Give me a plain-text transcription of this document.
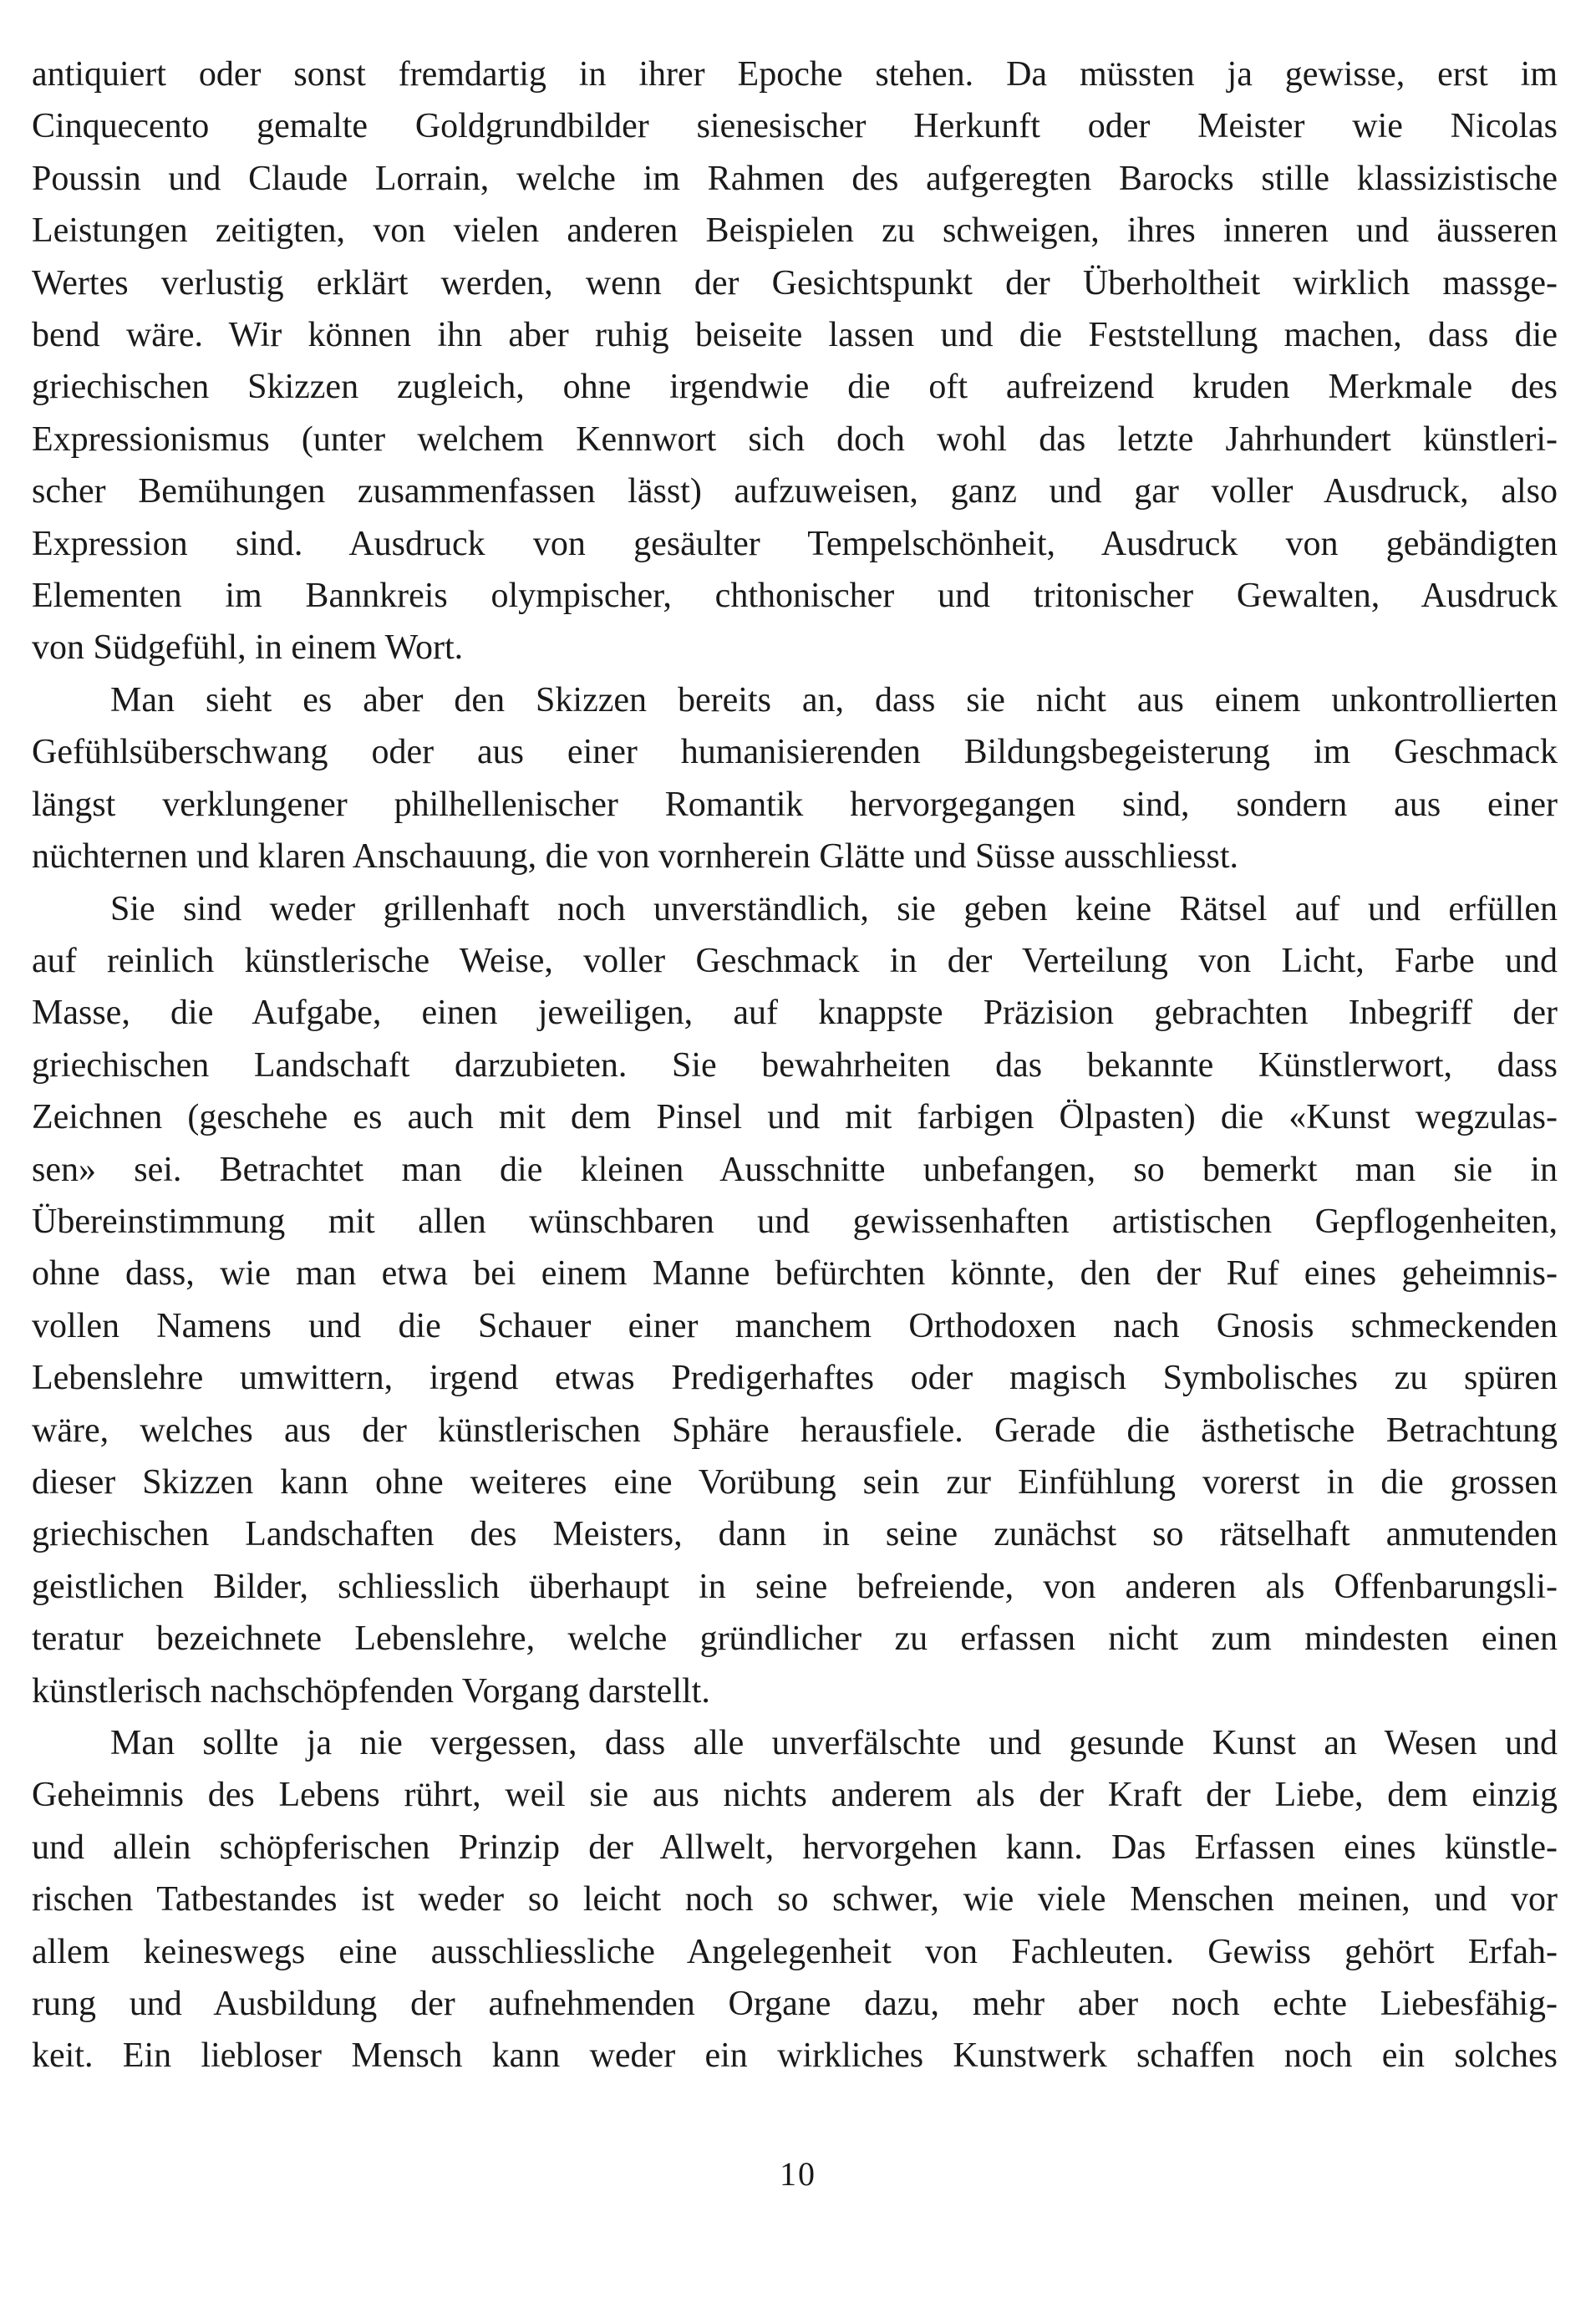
antiquiert oder sonst fremdartig in ihrer Epoche stehen. Da müssten ja gewisse, erst im
Cinquecento gemalte Goldgrundbilder sienesischer Herkunft oder Meister wie Nicolas
Poussin und Claude Lorrain, welche im Rahmen des aufgeregten Barocks stille klassizistische
Leistungen zeitigten, von vielen anderen Beispielen zu schweigen, ihres inneren und äusseren
Wertes verlustig erklärt werden, wenn der Gesichtspunkt der Überholtheit wirklich massge-
bend wäre. Wir können ihn aber ruhig beiseite lassen und die Feststellung machen, dass die
griechischen Skizzen zugleich, ohne irgendwie die oft aufreizend kruden Merkmale des
Expressionismus (unter welchem Kennwort sich doch wohl das letzte Jahrhundert künstleri-
scher Bemühungen zusammenfassen lässt) aufzuweisen, ganz und gar voller Ausdruck, also
Expression sind. Ausdruck von gesäulter Tempelschönheit, Ausdruck von gebändigten
Elementen im Bannkreis olympischer, chthonischer und tritonischer Gewalten, Ausdruck
von Südgefühl, in einem Wort.

Man sieht es aber den Skizzen bereits an, dass sie nicht aus einem unkontrollierten
Gefühlsüberschwang oder aus einer humanisierenden Bildungsbegeisterung im Geschmack
längst verklungener philhellenischer Romantik hervorgegangen sind, sondern aus einer
nüchternen und klaren Anschauung, die von vornherein Glätte und Süsse ausschliesst.

Sie sind weder grillenhaft noch unverständlich, sie geben keine Rätsel auf und erfüllen
auf reinlich künstlerische Weise, voller Geschmack in der Verteilung von Licht, Farbe und
Masse, die Aufgabe, einen jeweiligen, auf knappste Präzision gebrachten Inbegriff der
griechischen Landschaft darzubieten. Sie bewahrheiten das bekannte Künstlerwort, dass
Zeichnen (geschehe es auch mit dem Pinsel und mit farbigen Ölpasten) die «Kunst wegzulas-
sen» sei. Betrachtet man die kleinen Ausschnitte unbefangen, so bemerkt man sie in
Übereinstimmung mit allen wünschbaren und gewissenhaften artistischen Gepflogenheiten,
ohne dass, wie man etwa bei einem Manne befürchten könnte, den der Ruf eines geheimnis-
vollen Namens und die Schauer einer manchem Orthodoxen nach Gnosis schmeckenden
Lebenslehre umwittern, irgend etwas Predigerhaftes oder magisch Symbolisches zu spüren
wäre, welches aus der künstlerischen Sphäre herausfiele. Gerade die ästhetische Betrachtung
dieser Skizzen kann ohne weiteres eine Vorübung sein zur Einfühlung vorerst in die grossen
griechischen Landschaften des Meisters, dann in seine zunächst so rätselhaft anmutenden
geistlichen Bilder, schliesslich überhaupt in seine befreiende, von anderen als Offenbarungsli-
teratur bezeichnete Lebenslehre, welche gründlicher zu erfassen nicht zum mindesten einen
künstlerisch nachschöpfenden Vorgang darstellt.

Man sollte ja nie vergessen, dass alle unverfälschte und gesunde Kunst an Wesen und
Geheimnis des Lebens rührt, weil sie aus nichts anderem als der Kraft der Liebe, dem einzig
und allein schöpferischen Prinzip der Allwelt, hervorgehen kann. Das Erfassen eines künstle-
rischen Tatbestandes ist weder so leicht noch so schwer, wie viele Menschen meinen, und vor
allem keineswegs eine ausschliessliche Angelegenheit von Fachleuten. Gewiss gehört Erfah-
rung und Ausbildung der aufnehmenden Organe dazu, mehr aber noch echte Liebesfähig-
keit. Ein liebloser Mensch kann weder ein wirkliches Kunstwerk schaffen noch ein solches

10
